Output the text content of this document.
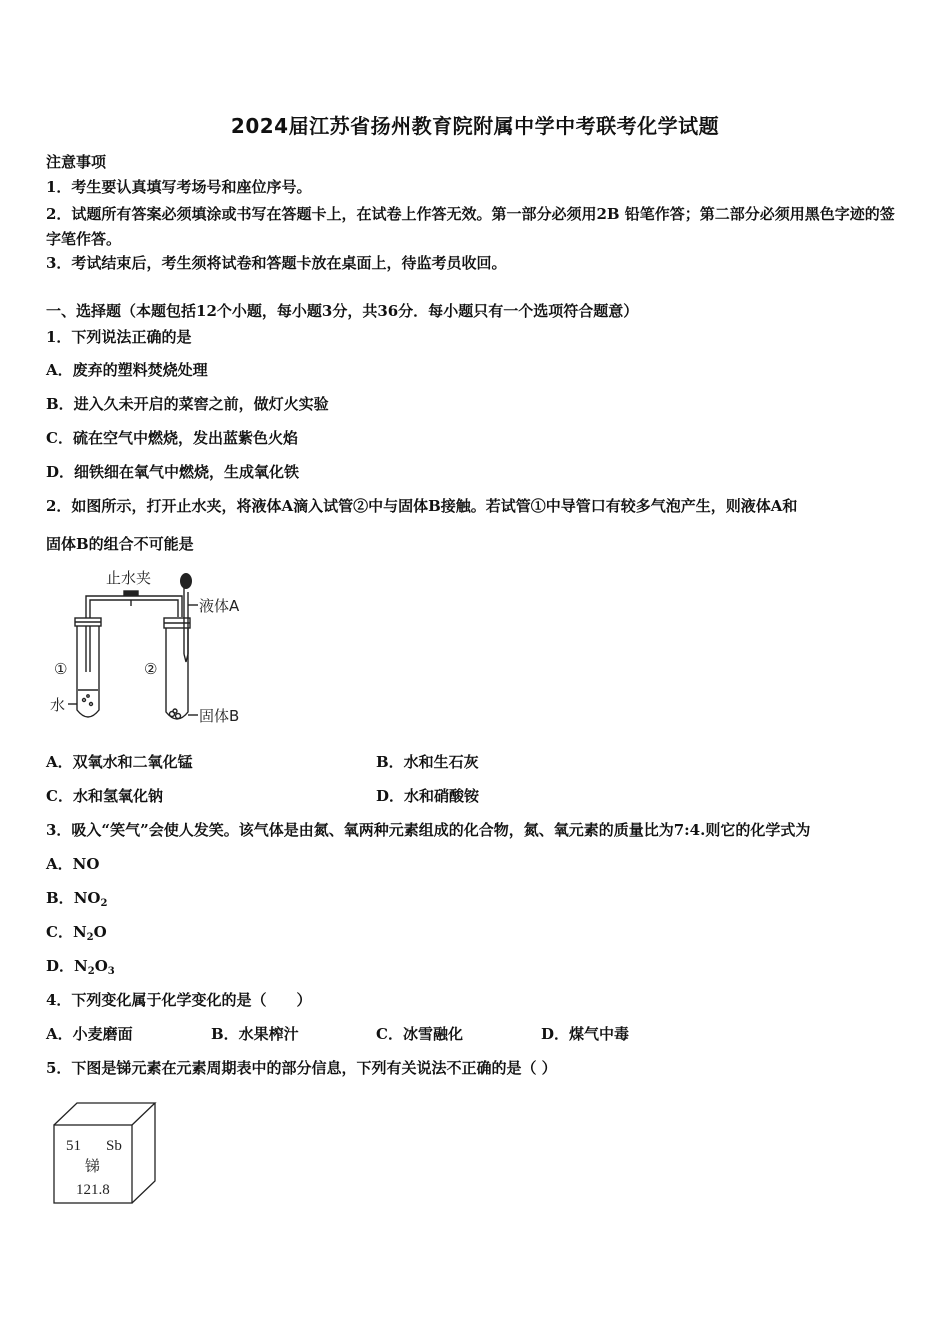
2024届江苏省扬州教育院附属中学中考联考化学试题
注意事项
1．考生要认真填写考场号和座位序号。
2．试题所有答案必须填涂或书写在答题卡上，在试卷上作答无效。第一部分必须用2B 铅笔作答；第二部分必须用黑色字迹的签字笔作答。
3．考试结束后，考生须将试卷和答题卡放在桌面上，待监考员收回。
一、选择题（本题包括12个小题，每小题3分，共36分．每小题只有一个选项符合题意）
1．下列说法正确的是
A．废弃的塑料焚烧处理
B．进入久未开启的菜窖之前，做灯火实验
C．硫在空气中燃烧，发出蓝紫色火焰
D．细铁细在氧气中燃烧，生成氧化铁
2．如图所示，打开止水夹，将液体A滴入试管②中与固体B接触。若试管①中导管口有较多气泡产生，则液体A和
固体B的组合不可能是
止水夹
液体A
固体B
水
①	②
A．双氧水和二氧化锰	B．水和生石灰
C．水和氢氧化钠	D．水和硝酸铵
3．吸入“笑气”会使人发笑。该气体是由氮、氧两种元素组成的化合物，氮、氧元素的质量比为7:4.则它的化学式为
A．NO
B．$NO_2$
C．$N_2O$
D．$N_2O_3$
4．下列变化属于化学变化的是（　　）
A．小麦磨面	B．水果榨汁	C．冰雪融化	D．煤气中毒
5．下图是锑元素在元素周期表中的部分信息，下列有关说法不正确的是（ ）
51 Sb
锑
121.8
